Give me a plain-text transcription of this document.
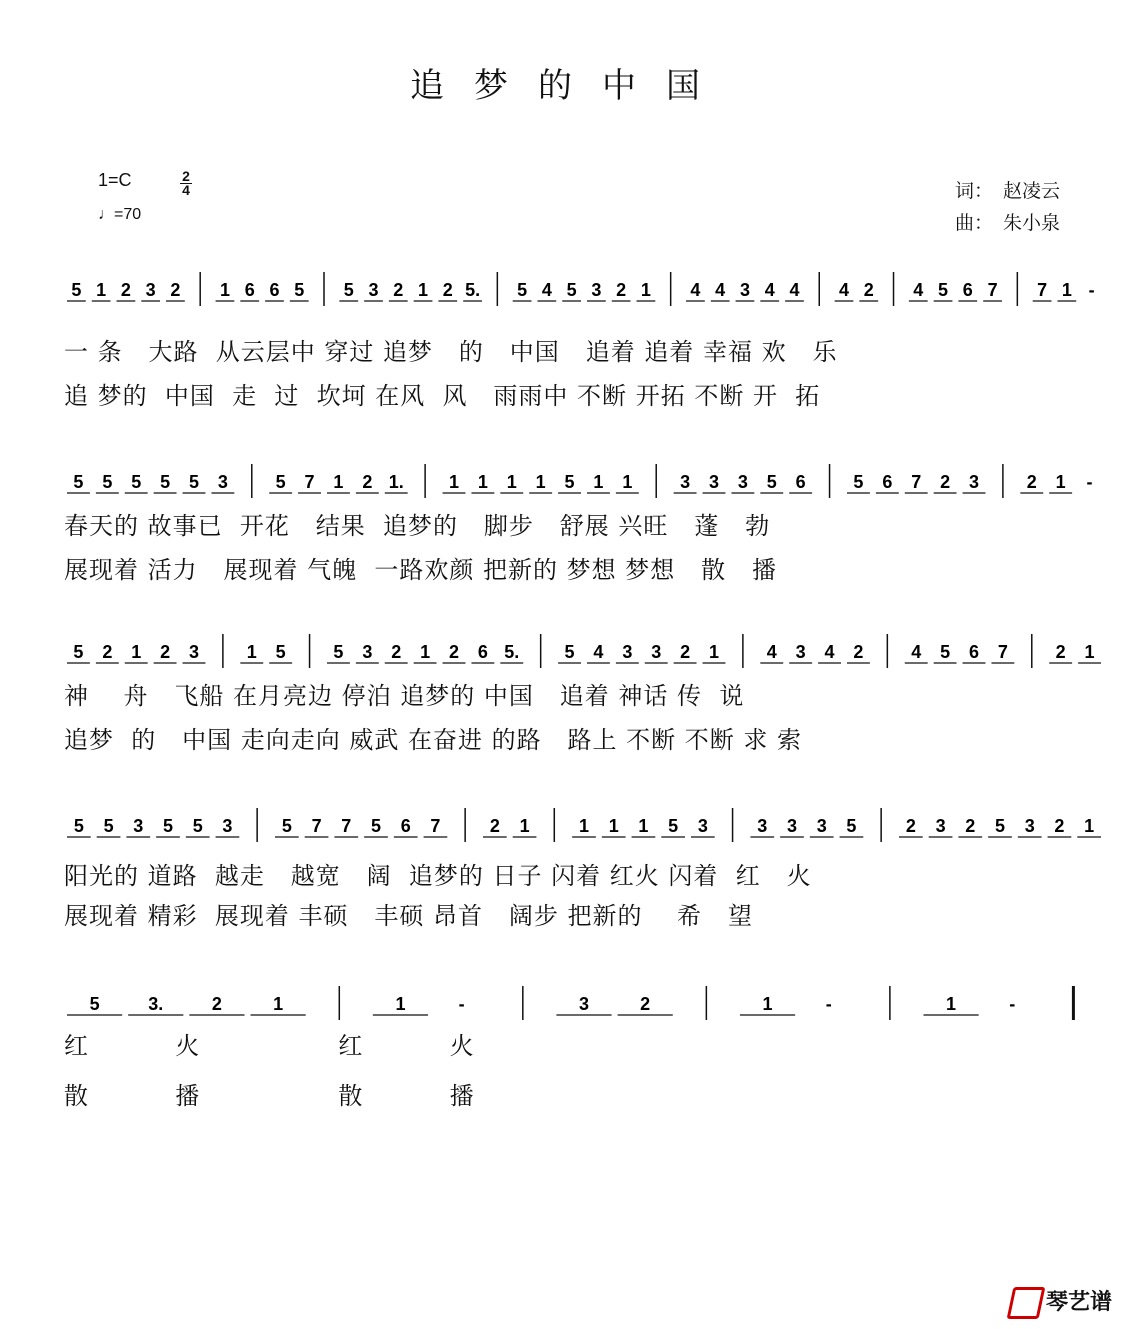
追梦的中国
1=C	2
4
♩=70
词： 赵凌云
曲： 朱小泉
5 1 2 3 2 1 6 6 5 5 3 2 1 2 5. 5 4 5 3 2 1 4 4 3 4 4 4 2 4 5 6 7 7 1 -
一 条   大路  从云层中 穿过 追梦   的   中国   追着 追着 幸福 欢   乐
追 梦的  中国  走  过  坎坷 在风  风   雨雨中 不断 开拓 不断 开  拓
5 5 5 5 5 3	5 7 1 2 1.	1 1 1 1 5 1 1	3 3 3 5 6	5 6 7 2 3	2 1 -
春天的 故事已  开花   结果  追梦的   脚步   舒展 兴旺   蓬   勃
展现着 活力   展现着 气魄  一路欢颜 把新的 梦想 梦想   散   播
5 2 1 2 3	1 5	5 3 2 1 2 6 5.	5 4 3 3 2 1	4 3 4 2	4 5 6 7	2 1
神    舟   飞船 在月亮边 停泊 追梦的 中国   追着 神话 传  说
追梦  的   中国 走向走向 威武 在奋进 的路   路上 不断 不断 求 索
5 5 3 5 5 3	5 7 7 5 6 7	2 1	1 1 1 5 3	3 3 3 5	2 3 2 5 3 2 1
阳光的 道路  越走   越宽   阔  追梦的 日子 闪着 红火 闪着  红   火
展现着 精彩  展现着 丰硕   丰硕 昂首   阔步 把新的    希   望
5	3.	2	1	1	-	3	2	1	-	1	-
红          火                红          火
散          播                散          播
琴艺谱
